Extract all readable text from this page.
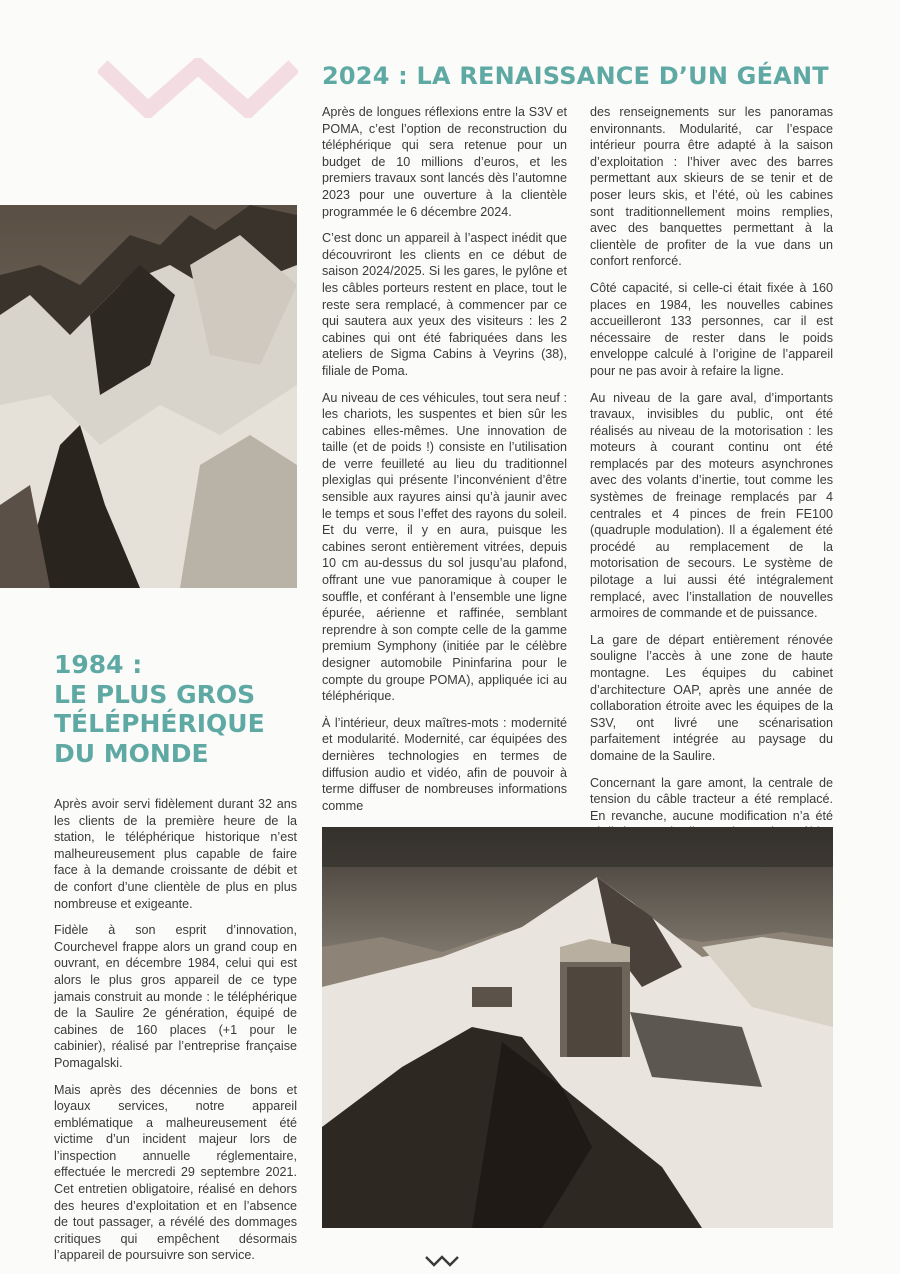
2024 : LA RENAISSANCE D’UN GÉANT

Après de longues réflexions entre la S3V et POMA, c’est l’option de reconstruction du téléphérique qui sera retenue pour un budget de 10 millions d’euros, et les premiers travaux sont lancés dès l’automne 2023 pour une ouverture à la clientèle programmée le 6 décembre 2024.

C’est donc un appareil à l’aspect inédit que découvriront les clients en ce début de saison 2024/2025. Si les gares, le pylône et les câbles porteurs restent en place, tout le reste sera remplacé, à commencer par ce qui sautera aux yeux des visiteurs : les 2 cabines qui ont été fabriquées dans les ateliers de Sigma Cabins à Veyrins (38), filiale de Poma.

Au niveau de ces véhicules, tout sera neuf : les chariots, les suspentes et bien sûr les cabines elles-mêmes. Une innovation de taille (et de poids !) consiste en l’utilisation de verre feuilleté au lieu du traditionnel plexiglas qui présente l’inconvénient d’être sensible aux rayures ainsi qu’à jaunir avec le temps et sous l’effet des rayons du soleil. Et du verre, il y en aura, puisque les cabines seront entièrement vitrées, depuis 10 cm au-dessus du sol jusqu’au plafond, offrant une vue panoramique à couper le souffle, et conférant à l’ensemble une ligne épurée, aérienne et raffinée, semblant reprendre à son compte celle de la gamme premium Symphony (initiée par le célèbre designer automobile Pininfarina pour le compte du groupe POMA), appliquée ici au téléphérique.

À l’intérieur, deux maîtres-mots : modernité et modularité. Modernité, car équipées des dernières technologies en termes de diffusion audio et vidéo, afin de pouvoir à terme diffuser de nombreuses informations comme

des renseignements sur les panoramas environnants. Modularité, car l’espace intérieur pourra être adapté à la saison d’exploitation : l’hiver avec des barres permettant aux skieurs de se tenir et de poser leurs skis, et l’été, où les cabines sont traditionnellement moins remplies, avec des banquettes permettant à la clientèle de profiter de la vue dans un confort renforcé.

Côté capacité, si celle-ci était fixée à 160 places en 1984, les nouvelles cabines accueilleront 133 personnes, car il est nécessaire de rester dans le poids enveloppe calculé à l’origine de l’appareil pour ne pas avoir à refaire la ligne.

Au niveau de la gare aval, d’importants travaux, invisibles du public, ont été réalisés au niveau de la motorisation : les moteurs à courant continu ont été remplacés par des moteurs asynchrones avec des volants d’inertie, tout comme les systèmes de freinage remplacés par 4 centrales et 4 pinces de frein FE100 (quadruple modulation). Il a également été procédé au remplacement de la motorisation de secours. Le système de pilotage a lui aussi été intégralement remplacé, avec l’installation de nouvelles armoires de commande et de puissance.

La gare de départ entièrement rénovée souligne l’accès à une zone de haute montagne. Les équipes du cabinet d’architecture OAP, après une année de collaboration étroite avec les équipes de la S3V, ont livré une scénarisation parfaitement intégrée au paysage du domaine de la Saulire.

Concernant la gare amont, la centrale de tension du câble tracteur a été remplacé. En revanche, aucune modification n’a été

1984 :
LE PLUS GROS
TÉLÉPHÉRIQUE
DU MONDE

Après avoir servi fidèlement durant 32 ans les clients de la première heure de la station, le téléphérique historique n’est malheureusement plus capable de faire face à la demande croissante de débit et de confort d’une clientèle de plus en plus nombreuse et exigeante.

Fidèle à son esprit d’innovation, Courchevel frappe alors un grand coup en ouvrant, en décembre 1984, celui qui est alors le plus gros appareil de ce type jamais construit au monde : le téléphérique de la Saulire 2e génération, équipé de cabines de 160 places (+1 pour le cabinier), réalisé par l’entreprise française Pomagalski.

Mais après des décennies de bons et loyaux services, notre appareil emblématique a malheureusement été victime d’un incident majeur lors de l’inspection annuelle réglementaire, effectuée le mercredi 29 septembre 2021. Cet entretien obligatoire, réalisé en dehors des heures d’exploitation et en l’absence de tout passager, a révélé des dommages critiques qui empêchent désormais l’appareil de poursuivre son service.

LAPIE
